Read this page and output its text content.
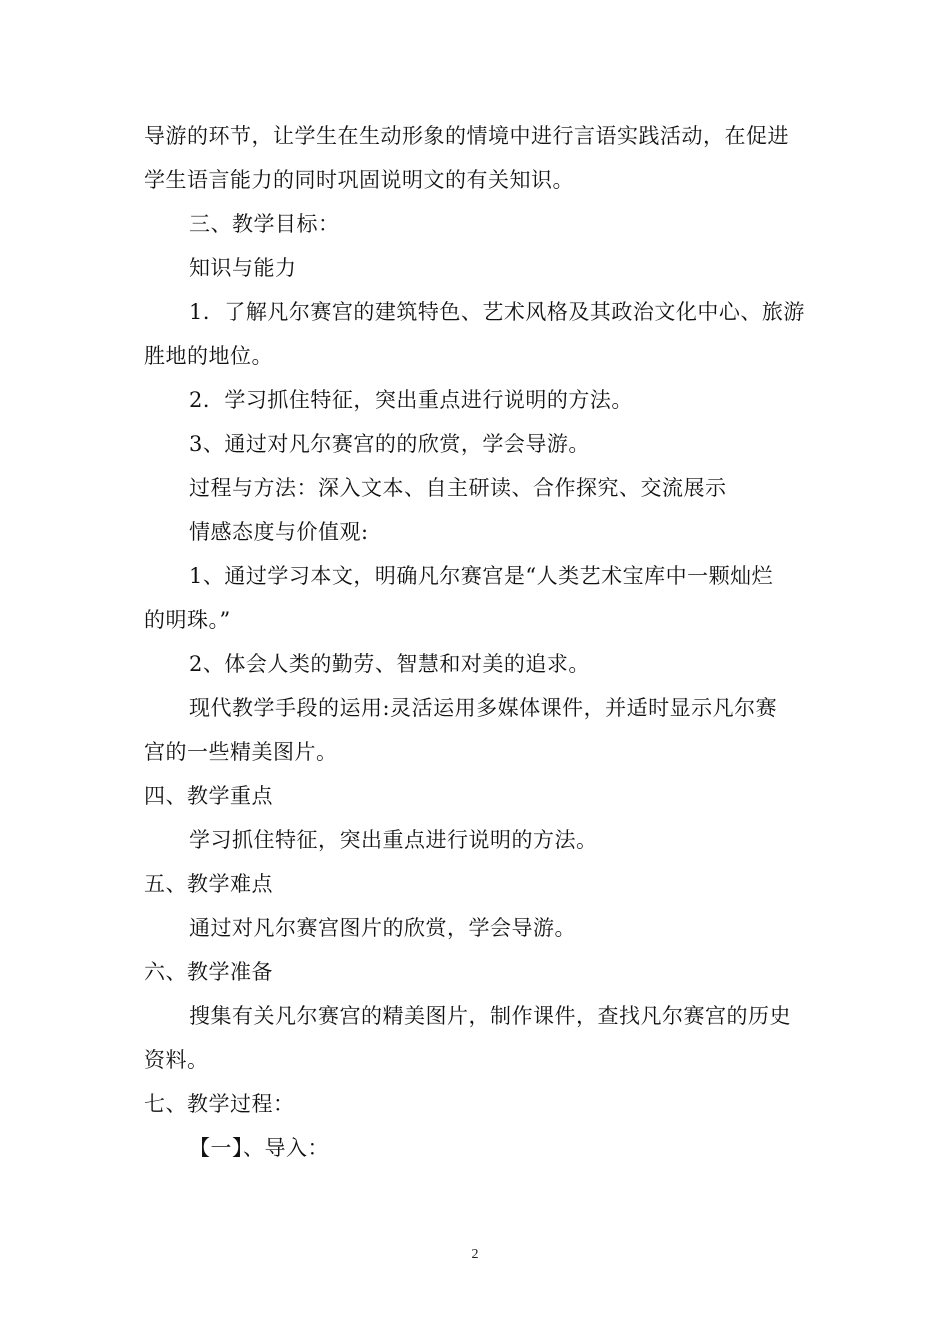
导游的环节，让学生在生动形象的情境中进行言语实践活动，在促进
学生语言能力的同时巩固说明文的有关知识。
三、教学目标：
知识与能力
1．了解凡尔赛宫的建筑特色、艺术风格及其政治文化中心、旅游
胜地的地位。
2．学习抓住特征，突出重点进行说明的方法。
3、通过对凡尔赛宫的的欣赏，学会导游。
过程与方法：深入文本、自主研读、合作探究、交流展示
情感态度与价值观:
1、通过学习本文，明确凡尔赛宫是“人类艺术宝库中一颗灿烂
的明珠。”
2、体会人类的勤劳、智慧和对美的追求。
现代教学手段的运用:灵活运用多媒体课件，并适时显示凡尔赛
宫的一些精美图片。
四、教学重点
学习抓住特征，突出重点进行说明的方法。
五、教学难点
通过对凡尔赛宫图片的欣赏，学会导游。
六、教学准备
搜集有关凡尔赛宫的精美图片，制作课件，查找凡尔赛宫的历史
资料。
七、教学过程：
【一】、导入：
2
